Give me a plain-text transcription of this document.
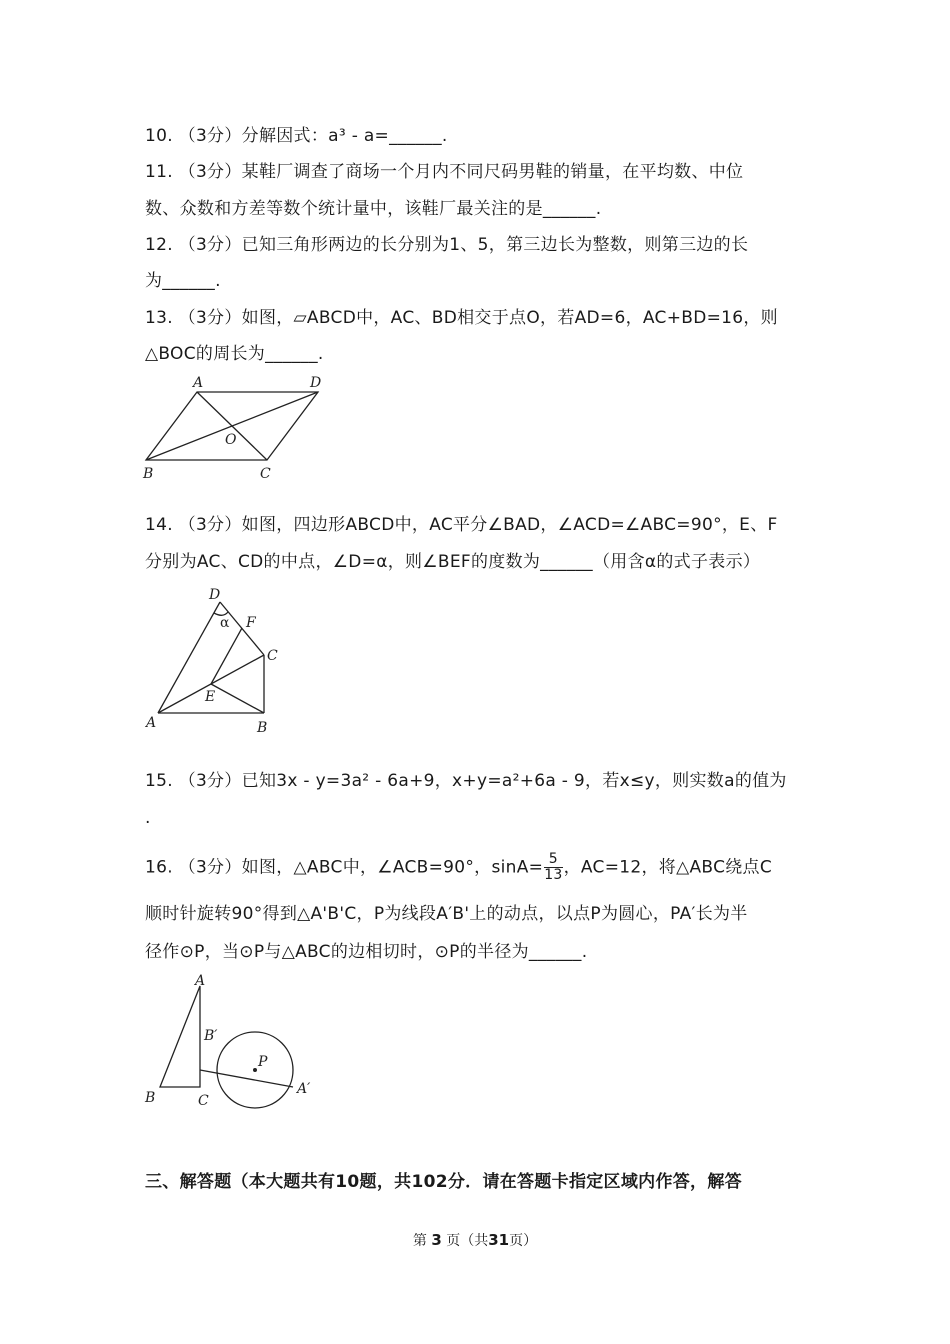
10. （3分）分解因式：a³ - a=______.
11. （3分）某鞋厂调查了商场一个月内不同尺码男鞋的销量，在平均数、中位
数、众数和方差等数个统计量中，该鞋厂最关注的是______.
12. （3分）已知三角形两边的长分别为1、5，第三边长为整数，则第三边的长
为______.
13. （3分）如图，▱ABCD中，AC、BD相交于点O，若AD=6，AC+BD=16，则
△BOC的周长为______.
A	D
O
B	C
14. （3分）如图，四边形ABCD中，AC平分∠BAD，∠ACD=∠ABC=90°，E、F
分别为AC、CD的中点，∠D=α，则∠BEF的度数为______（用含α的式子表示）
D
α F
C
E
A	B
15. （3分）已知3x - y=3a² - 6a+9，x+y=a²+6a - 9，若x≤y，则实数a的值为
.
16. （3分）如图，△ABC中，∠ACB=90°，$\sin A= \frac{5}{13}$ ，AC=12，将△ABC绕点C
顺时针旋转90°得到△A'B'C，P为线段A′B'上的动点，以点P为圆心，PA′长为半
径作⊙P，当⊙P与△ABC的边相切时，⊙P的半径为______.
A
B′
P
B	C
A′
三、解答题（本大题共有10题，共102分．请在答题卡指定区域内作答，解答
第 3 页（共31页）
